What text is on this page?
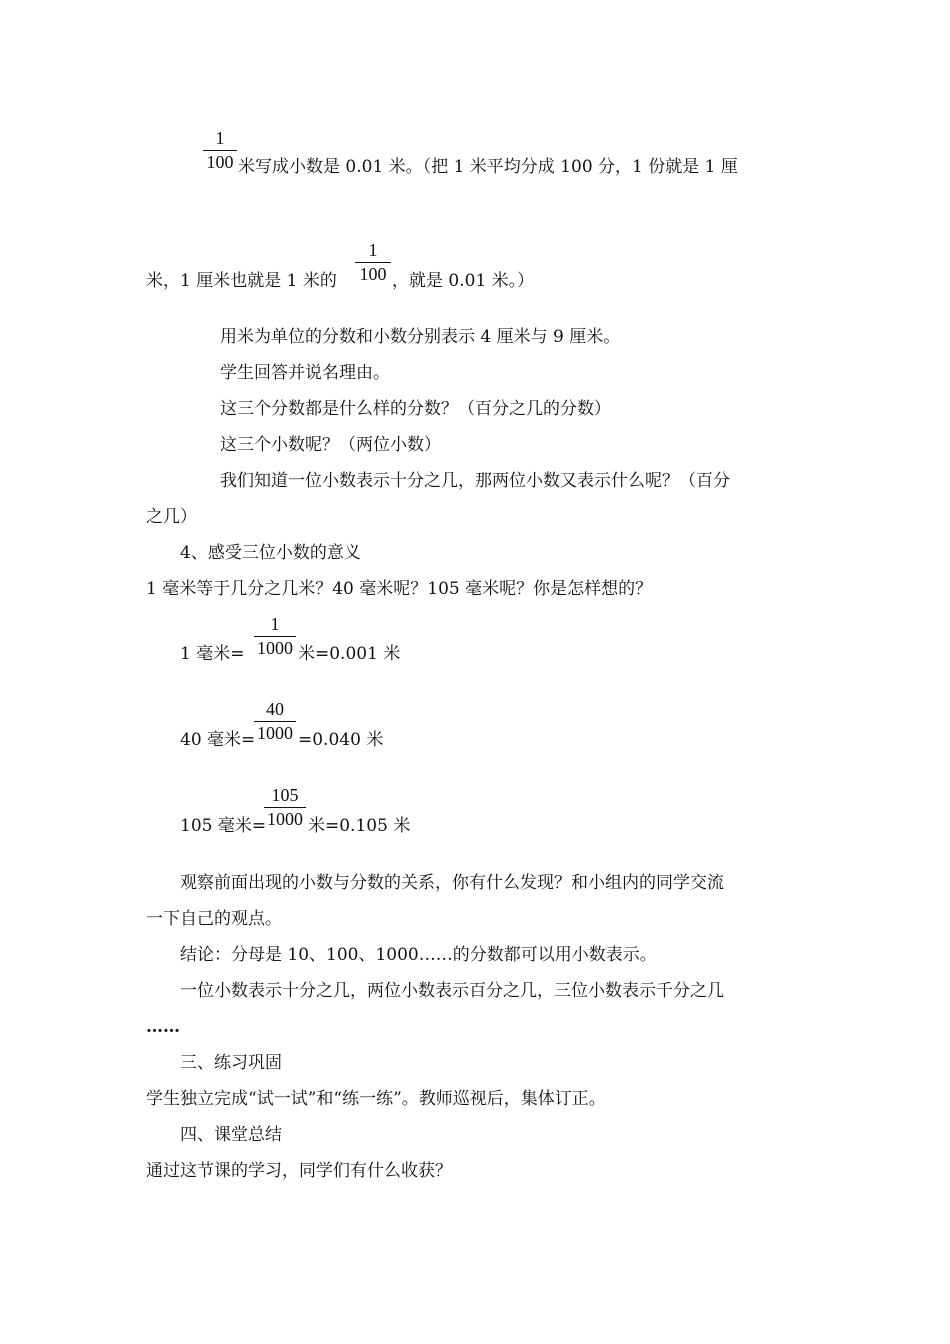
1
100 米写成小数是 0.01 米。（把 1 米平均分成 100 分，1 份就是 1 厘
米，1 厘米也就是 1 米的
1
100 ，就是 0.01 米。）
用米为单位的分数和小数分别表示 4 厘米与 9 厘米。
学生回答并说名理由。
这三个分数都是什么样的分数？（百分之几的分数）
这三个小数呢？（两位小数）
我们知道一位小数表示十分之几，那两位小数又表示什么呢？（百分
之几）
4、感受三位小数的意义
1 毫米等于几分之几米？40 毫米呢？105 毫米呢？你是怎样想的？
1 毫米=
1
1000 米=0.001 米
40 毫米=
40
1000 =0.040 米
105 毫米=
105
1000 米=0.105 米
观察前面出现的小数与分数的关系，你有什么发现？和小组内的同学交流
一下自己的观点。
结论：分母是 10、100、1000……的分数都可以用小数表示。
一位小数表示十分之几，两位小数表示百分之几，三位小数表示千分之几
……
三、练习巩固
学生独立完成“试一试”和“练一练”。教师巡视后，集体订正。
四、课堂总结
通过这节课的学习，同学们有什么收获？
